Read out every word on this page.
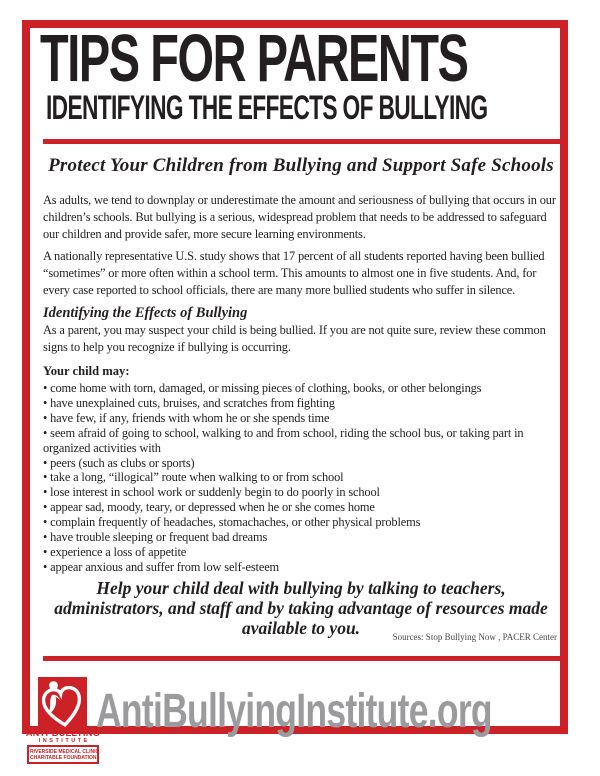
TIPS FOR PARENTS
IDENTIFYING THE EFFECTS OF BULLYING
Protect Your Children from Bullying and Support Safe Schools

As adults, we tend to downplay or underestimate the amount and seriousness of bullying that occurs in our children’s schools. But bullying is a serious, widespread problem that needs to be addressed to safeguard our children and provide safer, more secure learning environments.

A nationally representative U.S. study shows that 17 percent of all students reported having been bullied “sometimes” or more often within a school term. This amounts to almost one in five students. And, for every case reported to school officials, there are many more bullied students who suffer in silence.

Identifying the Effects of Bullying

As a parent, you may suspect your child is being bullied. If you are not quite sure, review these common signs to help you recognize if bullying is occurring.

Your child may:

• come home with torn, damaged, or missing pieces of clothing, books, or other belongings
• have unexplained cuts, bruises, and scratches from fighting
• have few, if any, friends with whom he or she spends time
• seem afraid of going to school, walking to and from school, riding the school bus, or taking part in organized activities with
• peers (such as clubs or sports)
• take a long, “illogical” route when walking to or from school
• lose interest in school work or suddenly begin to do poorly in school
• appear sad, moody, teary, or depressed when he or she comes home
• complain frequently of headaches, stomachaches, or other physical problems
• have trouble sleeping or frequent bad dreams
• experience a loss of appetite
• appear anxious and suffer from low self-esteem

Help your child deal with bullying by talking to teachers, administrators, and staff and by taking advantage of resources made available to you.	Sources: Stop Bullying Now , PACER Center

ANTI·BULLYING
INSTITUTE
RIVERSIDE MEDICAL CLINIC
CHARITABLE FOUNDATION
AntiBullyingInstitute.org
